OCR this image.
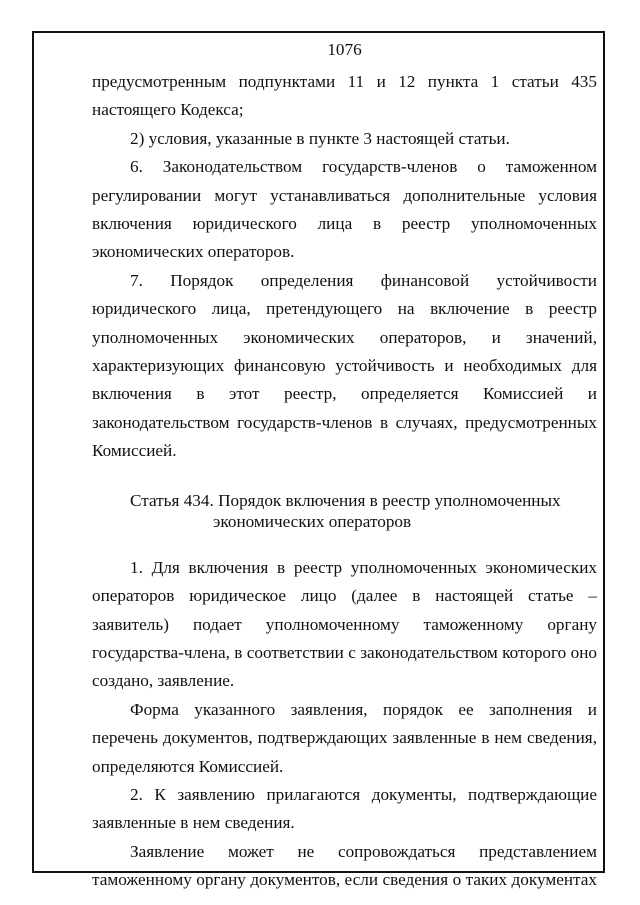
1076

предусмотренным подпунктами 11 и 12 пункта 1 статьи 435 настоящего Кодекса;

2) условия, указанные в пункте 3 настоящей статьи.

6. Законодательством государств-членов о таможенном регулировании могут устанавливаться дополнительные условия включения юридического лица в реестр уполномоченных экономических операторов.

7. Порядок определения финансовой устойчивости юридического лица, претендующего на включение в реестр уполномоченных экономических операторов, и значений, характеризующих финансовую устойчивость и необходимых для включения в этот реестр, определяется Комиссией и законодательством государств-членов в случаях, предусмотренных Комиссией.

Статья 434. Порядок включения в реестр уполномоченных
экономических операторов

1. Для включения в реестр уполномоченных экономических операторов юридическое лицо (далее в настоящей статье – заявитель) подает уполномоченному таможенному органу государства-члена, в соответствии с законодательством которого оно создано, заявление.

Форма указанного заявления, порядок ее заполнения и перечень документов, подтверждающих заявленные в нем сведения, определяются Комиссией.

2. К заявлению прилагаются документы, подтверждающие заявленные в нем сведения.

Заявление может не сопровождаться представлением таможенному органу документов, если сведения о таких документах
